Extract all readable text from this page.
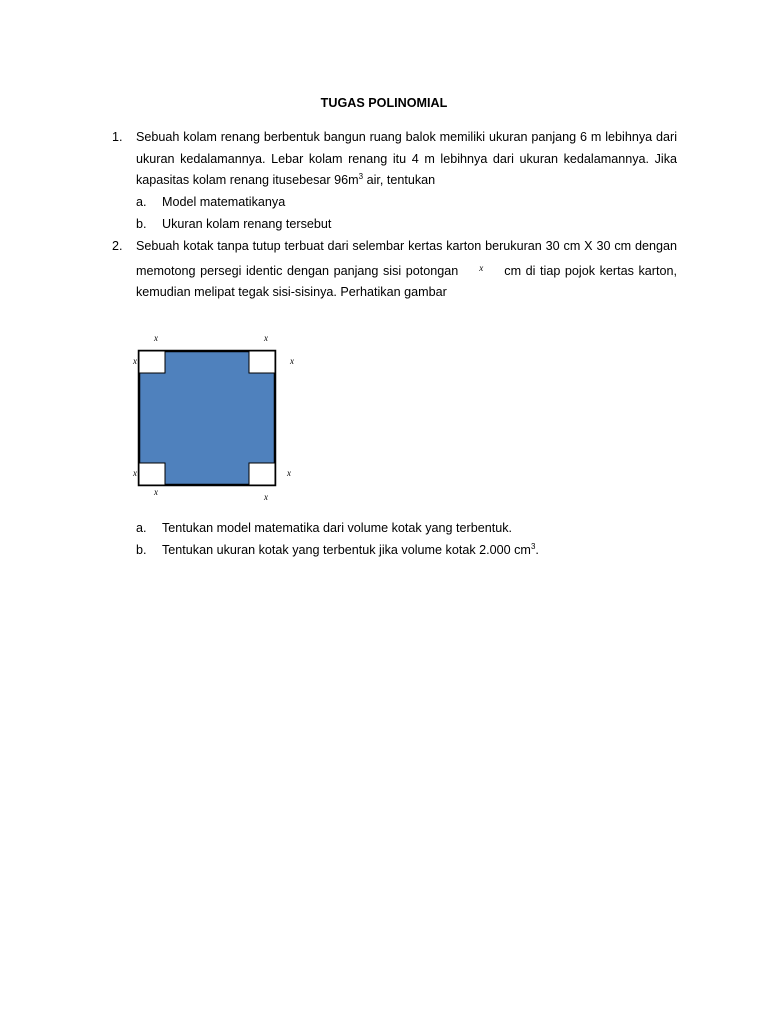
TUGAS POLINOMIAL
1. Sebuah kolam renang berbentuk bangun ruang balok memiliki ukuran panjang 6 m lebihnya dari ukuran kedalamannya. Lebar kolam renang itu 4 m lebihnya dari ukuran kedalamannya. Jika kapasitas kolam renang itusebesar $96m^3$ air, tentukan
a. Model matematikanya
b. Ukuran kolam renang tersebut
2. Sebuah kotak tanpa tutup terbuat dari selembar kertas karton berukuran 30 cm X 30 cm dengan memotong persegi identic dengan panjang sisi potongan x cm di tiap pojok kertas karton, kemudian melipat tegak sisi-sisinya. Perhatikan gambar
x	x
x	x
x	x
x	x
a. Tentukan model matematika dari volume kotak yang terbentuk.
b. Tentukan ukuran kotak yang terbentuk jika volume kotak 2.000 $cm^3$.
